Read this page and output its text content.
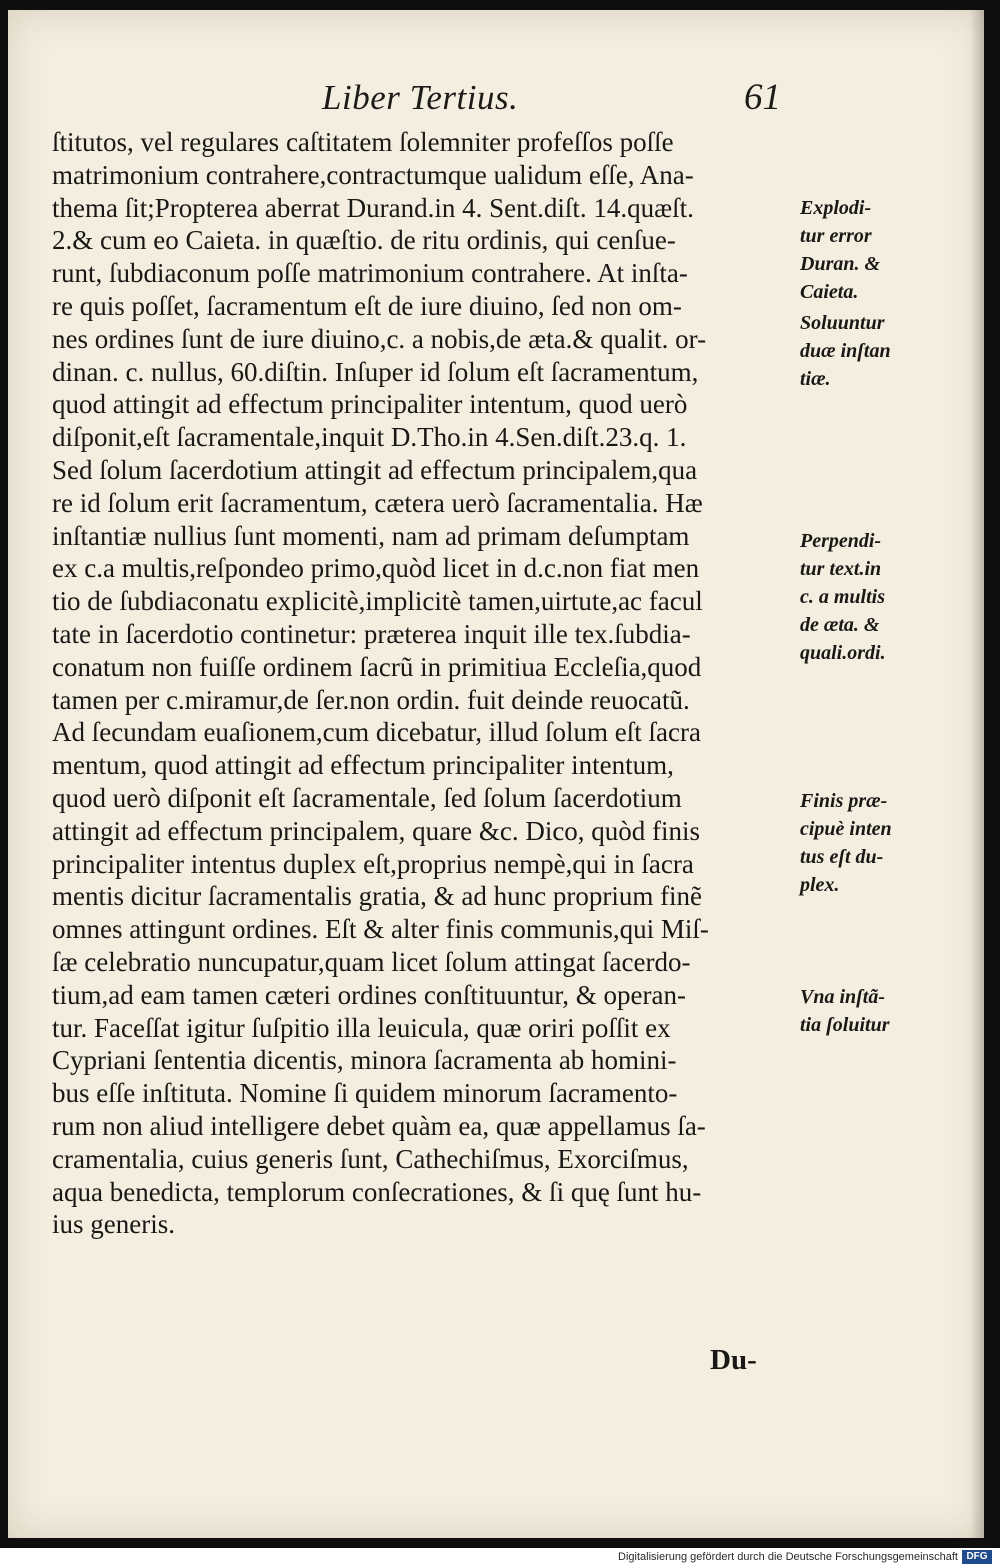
Liber Tertius.	61
ſtitutos, vel regulares caſtitatem ſolemniter profeſſos poſſe
matrimonium contrahere,contractumque ualidum eſſe, Ana-
thema ſit;Propterea aberrat Durand.in 4. Sent.diſt. 14.quæſt.
2.& cum eo Caieta. in quæſtio. de ritu ordinis, qui cenſue-
runt, ſubdiaconum poſſe matrimonium contrahere. At inſta-
re quis poſſet, ſacramentum eſt de iure diuino, ſed non om-
nes ordines ſunt de iure diuino,c. a nobis,de æta.& qualit. or-
dinan. c. nullus, 60.diſtin. Inſuper id ſolum eſt ſacramentum,
quod attingit ad effectum principaliter intentum, quod uerò
diſponit,eſt ſacramentale,inquit D.Tho.in 4.Sen.diſt.23.q. 1.
Sed ſolum ſacerdotium attingit ad effectum principalem,qua
re id ſolum erit ſacramentum, cætera uerò ſacramentalia. Hæ
inſtantiæ nullius ſunt momenti, nam ad primam deſumptam
ex c.a multis,reſpondeo primo,quòd licet in d.c.non fiat men
tio de ſubdiaconatu explicitè,implicitè tamen,uirtute,ac facul
tate in ſacerdotio continetur: præterea inquit ille tex.ſubdia-
conatum non fuiſſe ordinem ſacrũ in primitiua Eccleſia,quod
tamen per c.miramur,de ſer.non ordin. fuit deinde reuocatũ.
Ad ſecundam euaſionem,cum dicebatur, illud ſolum eſt ſacra
mentum, quod attingit ad effectum principaliter intentum,
quod uerò diſponit eſt ſacramentale, ſed ſolum ſacerdotium
attingit ad effectum principalem, quare &c. Dico, quòd finis
principaliter intentus duplex eſt,proprius nempè,qui in ſacra
mentis dicitur ſacramentalis gratia, & ad hunc proprium finẽ
omnes attingunt ordines. Eſt & alter finis communis,qui Miſ-
ſæ celebratio nuncupatur,quam licet ſolum attingat ſacerdo-
tium,ad eam tamen cæteri ordines conſtituuntur, & operan-
tur. Faceſſat igitur ſuſpitio illa leuicula, quæ oriri poſſit ex
Cypriani ſententia dicentis, minora ſacramenta ab homini-
bus eſſe inſtituta. Nomine ſi quidem minorum ſacramento-
rum non aliud intelligere debet quàm ea, quæ appellamus ſa-
cramentalia, cuius generis ſunt, Cathechiſmus, Exorciſmus,
aqua benedicta, templorum conſecrationes, & ſi quę ſunt hu-
ius generis.
Explodi-
tur error
Duran. &
Caieta.
Soluuntur
duæ inſtan
tiæ.
Perpendi-
tur text.in
c. a multis
de æta. &
quali.ordi.
Finis præ-
cipuè inten
tus eſt du-
plex.
Vna inſtã-
tia ſoluitur
Du-
Digitalisierung gefördert durch die Deutsche Forschungsgemeinschaft DFG
